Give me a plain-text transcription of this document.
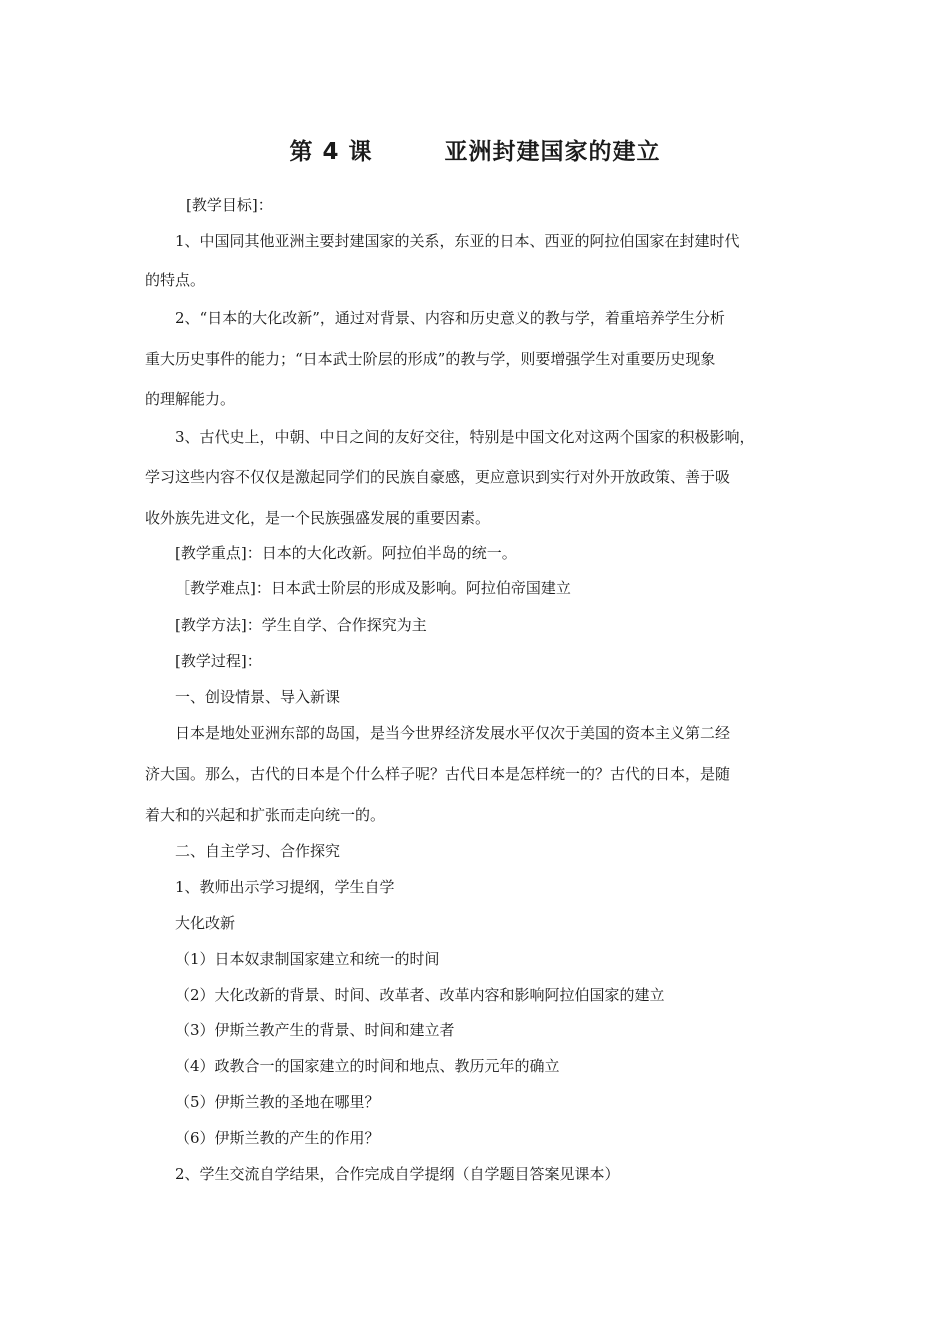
第 4 课        亚洲封建国家的建立
[教学目标]：
1、中国同其他亚洲主要封建国家的关系，东亚的日本、西亚的阿拉伯国家在封建时代
的特点。
2、“日本的大化改新”，通过对背景、内容和历史意义的教与学，着重培养学生分析
重大历史事件的能力；“日本武士阶层的形成”的教与学，则要增强学生对重要历史现象
的理解能力。
3、古代史上，中朝、中日之间的友好交往，特别是中国文化对这两个国家的积极影响，
学习这些内容不仅仅是激起同学们的民族自豪感，更应意识到实行对外开放政策、善于吸
收外族先进文化，是一个民族强盛发展的重要因素。
[教学重点]：日本的大化改新。阿拉伯半岛的统一。
［教学难点]：日本武士阶层的形成及影响。阿拉伯帝国建立
[教学方法]：学生自学、合作探究为主
[教学过程]：
一、创设情景、导入新课
日本是地处亚洲东部的岛国，是当今世界经济发展水平仅次于美国的资本主义第二经
济大国。那么，古代的日本是个什么样子呢？古代日本是怎样统一的？古代的日本，是随
着大和的兴起和扩张而走向统一的。
二、自主学习、合作探究
1、教师出示学习提纲，学生自学
大化改新
（1）日本奴隶制国家建立和统一的时间
（2）大化改新的背景、时间、改革者、改革内容和影响阿拉伯国家的建立
（3）伊斯兰教产生的背景、时间和建立者
（4）政教合一的国家建立的时间和地点、教历元年的确立
（5）伊斯兰教的圣地在哪里？
（6）伊斯兰教的产生的作用？
2、学生交流自学结果，合作完成自学提纲（自学题目答案见课本）
